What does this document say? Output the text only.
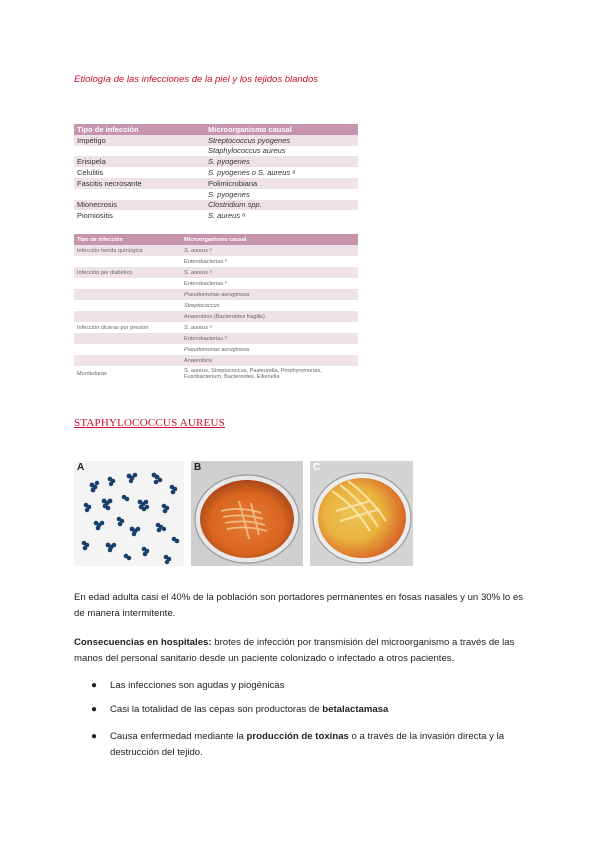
Etiología de las infecciones de la piel y los tejidos blandos
Tipo de infección	Microorganismo causal
Impétigo	Streptococcus pyogenes
	Staphylococcus aureus
Erisipela	S. pyogenes
Celulitis	S. pyogenes o S. aureus ᵃ
Fascitis necrosante	Polimicrobiana
	S. pyogenes
Mionecrosis	Clostridium spp.
Piomiositis	S. aureus ᵃ
Tipo de infección	Microorganismo causal
Infección herida quirúrgica	S. aureus ᵃ
	Enterobacterias ᵇ
Infección pie diabético	S. aureus ᵃ
	Enterobacterias ᵇ
	Pseudomonas aeruginosa
	Streptococcus
	Anaerobios (Bacteroides fragilis)
Infección úlceras por presión	S. aureus ᵃ
	Enterobacterias ᵇ
	Pseudomonas aeruginosa
	Anaerobios
Mordeduras	S. aureus, Streptococcus, Pasteurella, Porphyromonas, Fusobacterium, Bacteroides, Eikenella
STAPHYLOCOCCUS AUREUS
A	B	C
En edad adulta casi el 40% de la población son portadores permanentes en fosas nasales y un 30% lo es de manera intermitente.
Consecuencias en hospitales: brotes de infección por transmisión del microorganismo a través de las manos del personal sanitario desde un paciente colonizado o infectado a otros pacientes.
● Las infecciones son agudas y piogénicas
● Casi la totalidad de las cepas son productoras de betalactamasa
● Causa enfermedad mediante la producción de toxinas o a través de la invasión directa y la destrucción del tejido.
